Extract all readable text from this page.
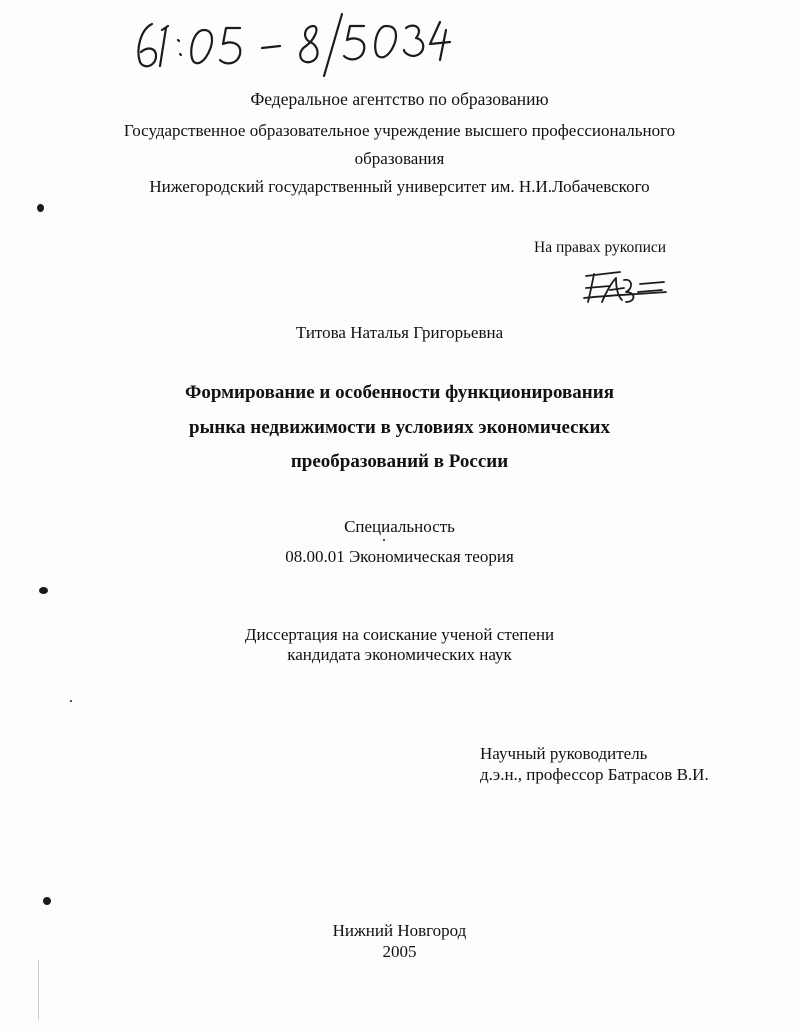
Федеральное агентство по образованию
Государственное образовательное учреждение высшего профессионального
образования
Нижегородский государственный университет им. Н.И.Лобачевского
На правах рукописи
Титова Наталья Григорьевна
Формирование и особенности функционирования
рынка недвижимости в условиях экономических
преобразований в России
Специальность
08.00.01 Экономическая теория
Диссертация на соискание ученой степени
кандидата экономических наук
Научный руководитель
д.э.н., профессор Батрасов В.И.
Нижний Новгород
2005
